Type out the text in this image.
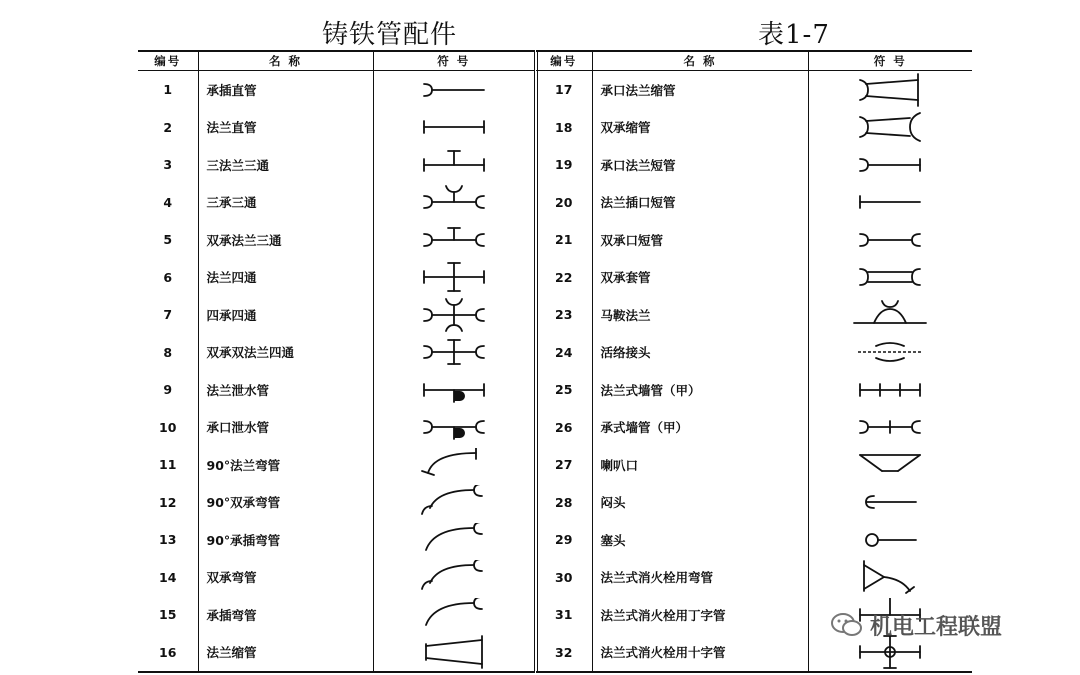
铸铁管配件	表1-7
编号	名 称	符 号
1	承插直管	

2	法兰直管	

3	三法兰三通	

4	三承三通	

5	双承法兰三通	

6	法兰四通	

7	四承四通	

8	双承双法兰四通	

9	法兰泄水管	

10	承口泄水管	

11	90°法兰弯管	

12	90°双承弯管	

13	90°承插弯管	

14	双承弯管	

15	承插弯管	

16	法兰缩管	
编号	名 称	符 号
17	承口法兰缩管	

18	双承缩管	

19	承口法兰短管	

20	法兰插口短管	

21	双承口短管	

22	双承套管	

23	马鞍法兰	

24	活络接头	

25	法兰式墙管（甲）	

26	承式墙管（甲）	

27	喇叭口	

28	闷头	

29	塞头	

30	法兰式消火栓用弯管	

31	法兰式消火栓用丁字管	

32	法兰式消火栓用十字管	
机电工程联盟
